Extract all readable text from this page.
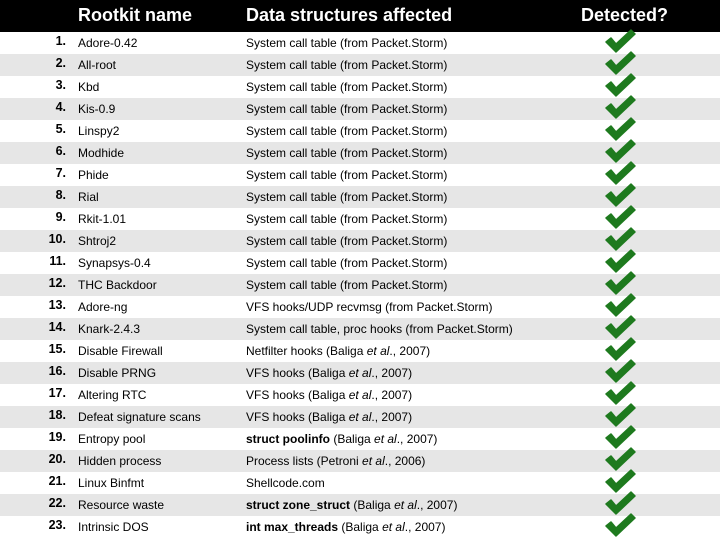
Rootkit name	Data structures affected	Detected?
1. Adore-0.42	System call table (from Packet.Storm)
2. All-root	System call table (from Packet.Storm)
3. Kbd	System call table (from Packet.Storm)
4. Kis-0.9	System call table (from Packet.Storm)
5. Linspy2	System call table (from Packet.Storm)
6. Modhide	System call table (from Packet.Storm)
7. Phide	System call table (from Packet.Storm)
8. Rial	System call table (from Packet.Storm)
9. Rkit-1.01	System call table (from Packet.Storm)
10. Shtroj2	System call table (from Packet.Storm)
11. Synapsys-0.4	System call table (from Packet.Storm)
12. THC Backdoor	System call table (from Packet.Storm)
13. Adore-ng	VFS hooks/UDP recvmsg (from Packet.Storm)
14. Knark-2.4.3	System call table, proc hooks (from Packet.Storm)
15. Disable Firewall	Netfilter hooks (Baliga et al., 2007)
16. Disable PRNG	VFS hooks (Baliga et al., 2007)
17. Altering RTC	VFS hooks (Baliga et al., 2007)
18. Defeat signature scans	VFS hooks (Baliga et al., 2007)
19. Entropy pool	struct poolinfo (Baliga et al., 2007)
20. Hidden process	Process lists (Petroni et al., 2006)
21. Linux Binfmt	Shellcode.com
22. Resource waste	struct zone_struct (Baliga et al., 2007)
23. Intrinsic DOS	int max_threads (Baliga et al., 2007)
